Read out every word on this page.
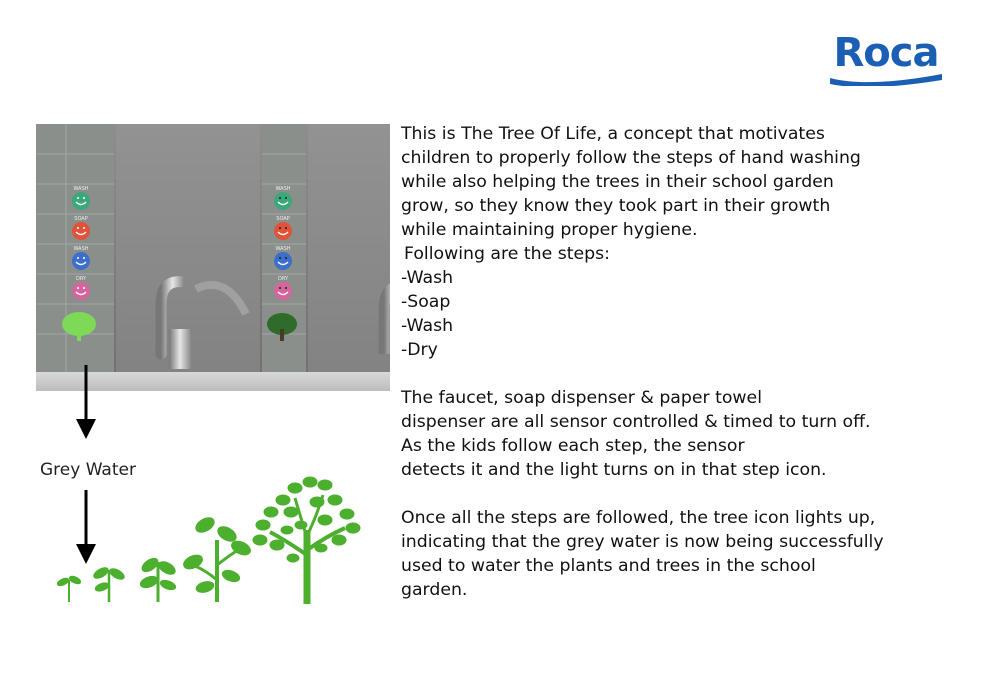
Roca
WASH
SOAP
WASH
DRY
WASH
SOAP
WASH
DRY
Grey Water

This is The Tree Of Life, a concept that motivates

children to properly follow the steps of hand washing

while also helping the trees in their school garden

grow, so they know they took part in their growth

while maintaining proper hygiene.

Following are the steps:

-Wash

-Soap

-Wash

-Dry

The faucet, soap dispenser & paper towel

dispenser are all sensor controlled & timed to turn off.

As the kids follow each step, the sensor

detects it and the light turns on in that step icon.

Once all the steps are followed, the tree icon lights up,

indicating that the grey water is now being successfully

used to water the plants and trees in the school

garden.
